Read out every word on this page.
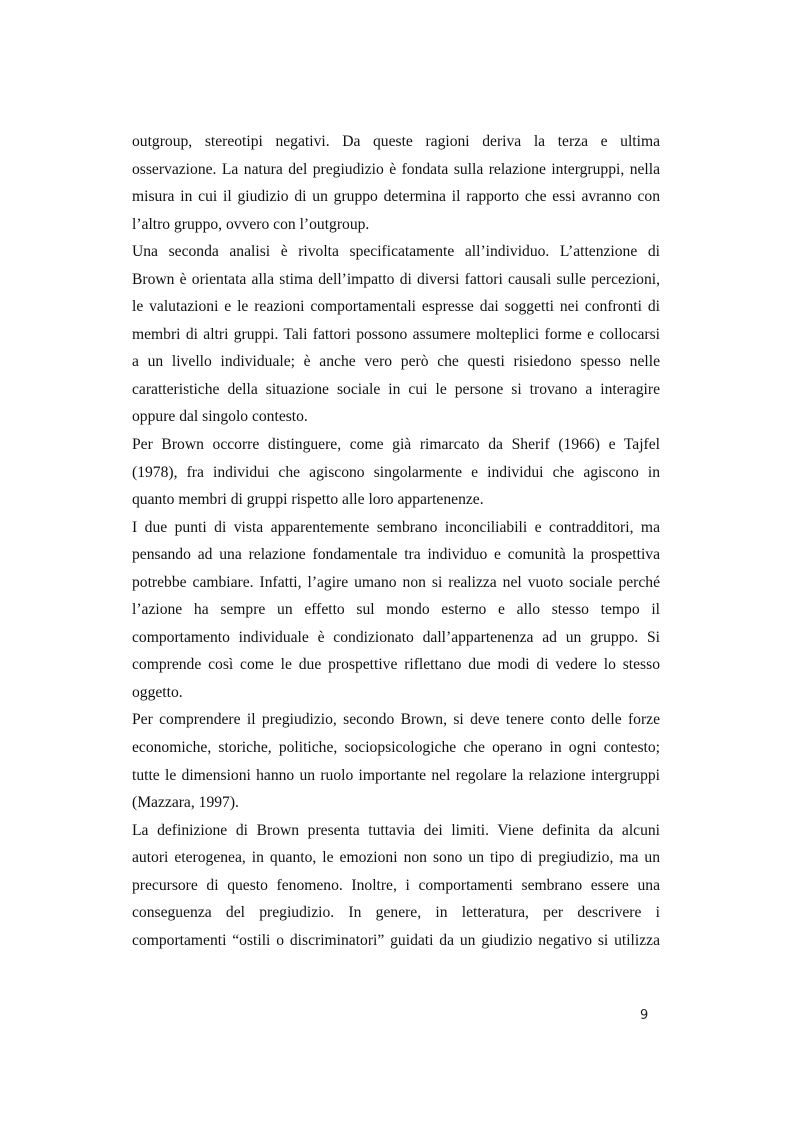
outgroup, stereotipi negativi. Da queste ragioni deriva la terza e ultima
osservazione. La natura del pregiudizio è fondata sulla relazione intergruppi, nella
misura in cui il giudizio di un gruppo determina il rapporto che essi avranno con
l’altro gruppo, ovvero con l’outgroup.
Una seconda analisi è rivolta specificatamente all’individuo. L’attenzione di
Brown è orientata alla stima dell’impatto di diversi fattori causali sulle percezioni,
le valutazioni e le reazioni comportamentali espresse dai soggetti nei confronti di
membri di altri gruppi. Tali fattori possono assumere molteplici forme e collocarsi
a un livello individuale; è anche vero però che questi risiedono spesso nelle
caratteristiche della situazione sociale in cui le persone si trovano a interagire
oppure dal singolo contesto.
Per Brown occorre distinguere, come già rimarcato da Sherif (1966) e Tajfel
(1978), fra individui che agiscono singolarmente e individui che agiscono in
quanto membri di gruppi rispetto alle loro appartenenze.
I due punti di vista apparentemente sembrano inconciliabili e contradditori, ma
pensando ad una relazione fondamentale tra individuo e comunità la prospettiva
potrebbe cambiare. Infatti, l’agire umano non si realizza nel vuoto sociale perché
l’azione ha sempre un effetto sul mondo esterno e allo stesso tempo il
comportamento individuale è condizionato dall’appartenenza ad un gruppo. Si
comprende così come le due prospettive riflettano due modi di vedere lo stesso
oggetto.
Per comprendere il pregiudizio, secondo Brown, si deve tenere conto delle forze
economiche, storiche, politiche, sociopsicologiche che operano in ogni contesto;
tutte le dimensioni hanno un ruolo importante nel regolare la relazione intergruppi
(Mazzara, 1997).
La definizione di Brown presenta tuttavia dei limiti. Viene definita da alcuni
autori eterogenea, in quanto, le emozioni non sono un tipo di pregiudizio, ma un
precursore di questo fenomeno. Inoltre, i comportamenti sembrano essere una
conseguenza del pregiudizio. In genere, in letteratura, per descrivere i
comportamenti “ostili o discriminatori” guidati da un giudizio negativo si utilizza
9
